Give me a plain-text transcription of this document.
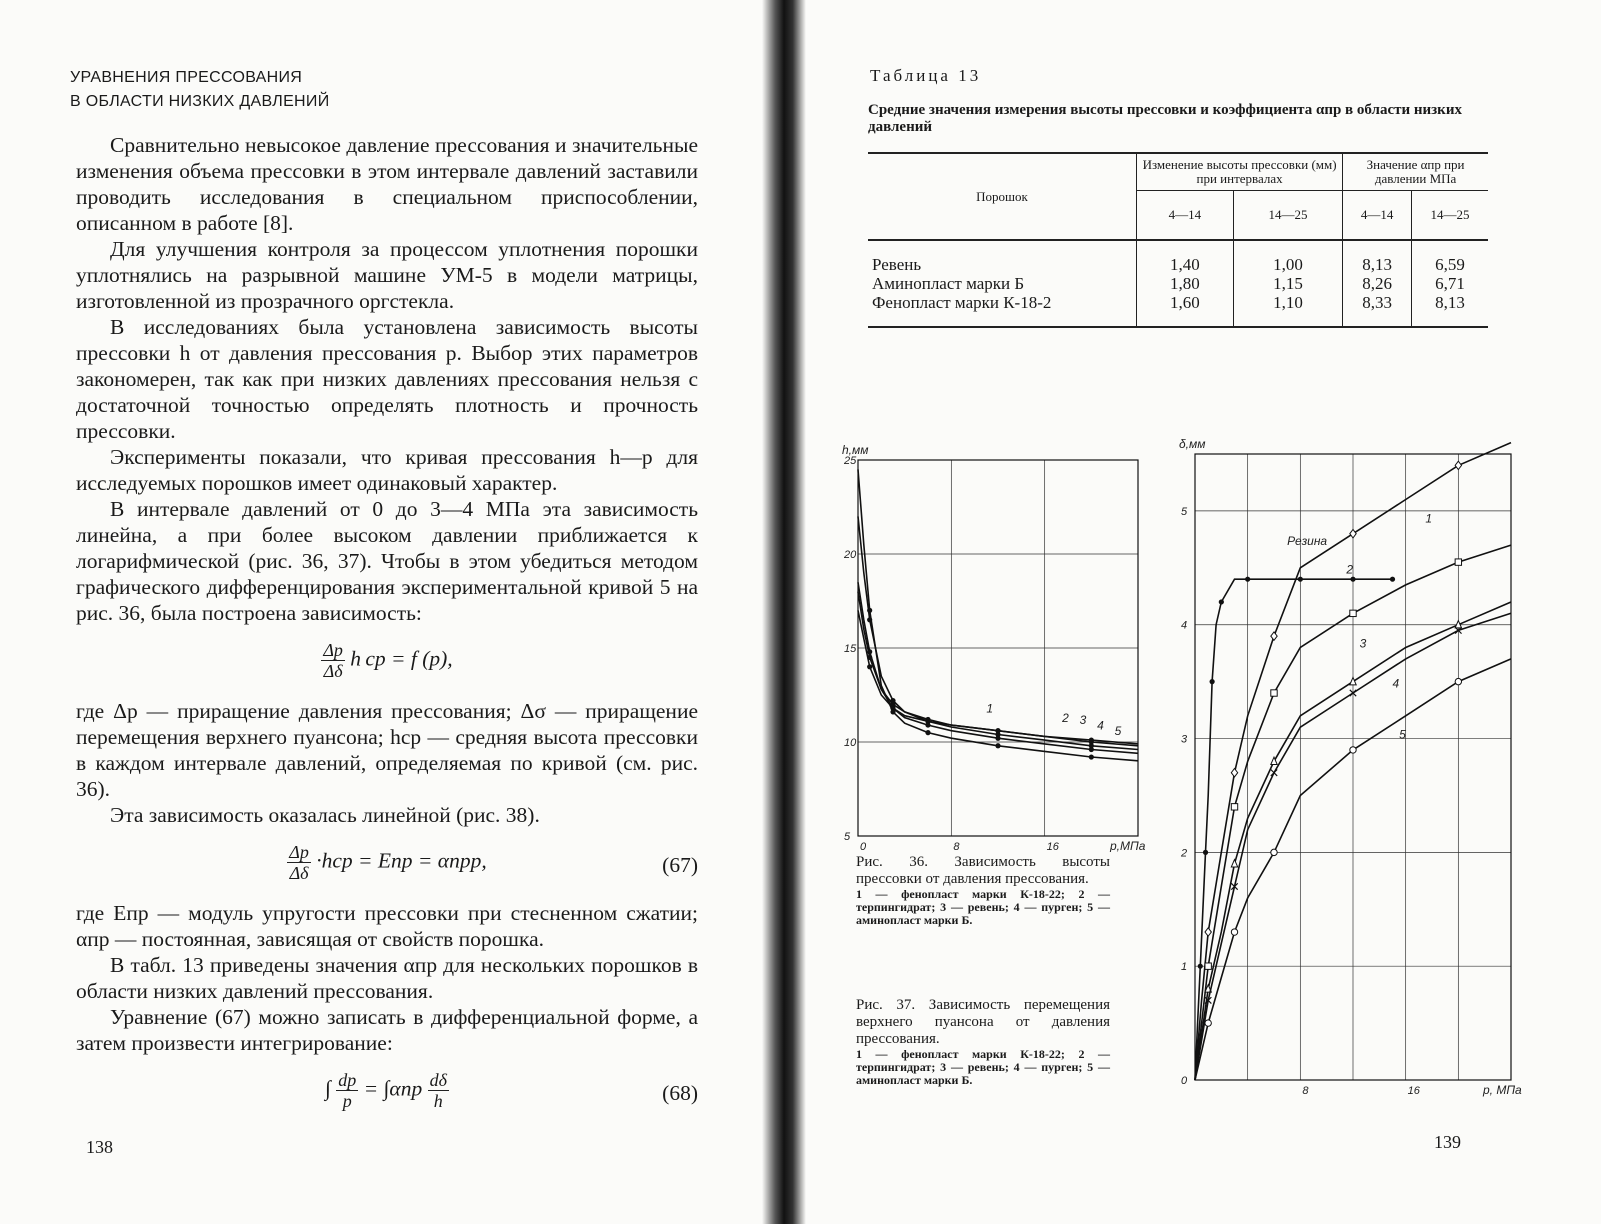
УРАВНЕНИЯ ПРЕССОВАНИЯ
В ОБЛАСТИ НИЗКИХ ДАВЛЕНИЙ

Сравнительно невысокое давление прессования и значительные изменения объема прессовки в этом интервале давлений заставили проводить исследования в специальном приспособлении, описанном в работе [8].

Для улучшения контроля за процессом уплотнения порошки уплотнялись на разрывной машине УМ-5 в модели матрицы, изготовленной из прозрачного оргстекла.

В исследованиях была установлена зависимость высоты прессовки h от давления прессования p. Выбор этих параметров закономерен, так как при низких давлениях прессования нельзя с достаточной точностью определять плотность и прочность прессовки.

Эксперименты показали, что кривая прессования h—p для исследуемых порошков имеет одинаковый характер.

В интервале давлений от 0 до 3—4 МПа эта зависимость линейна, а при более высоком давлении приближается к логарифмической (рис. 36, 37). Чтобы в этом убедиться методом графического дифференцирования экспериментальной кривой 5 на рис. 36, была построена зависимость:

$\frac{\Delta p}{\Delta\delta}$ h ср = f (p),

где Δp — приращение давления прессования; Δσ — приращение перемещения верхнего пуансона; hср — средняя высота прессовки в каждом интервале давлений, определяемая по кривой (см. рис. 36).

Эта зависимость оказалась линейной (рис. 38).

$\frac{\Delta p}{\Delta\delta} \cdot hср$ = Eпр = αпрp,	(67)

где Eпр — модуль упругости прессовки при стесненном сжатии; αпр — постоянная, зависящая от свойств порошка.

В табл. 13 приведены значения αпр для нескольких порошков в области низких давлений прессования.

Уравнение (67) можно записать в дифференциальной форме, а затем произвести интегрирование:

∫ $\frac{dp}{p} = \int\alpha пр \frac{d\delta}{h}$	(68)
138
Таблица 13
Средние значения измерения высоты прессовки и коэффициента αпр в области низких давлений
Порошок	Изменение высоты прессовки (мм) при интервалах		Значение αпр при давлении МПа	
	4—14	14—25	4—14	14—25
Ревень	1,40	1,00	8,13	6,59
Аминопласт марки Б	1,80	1,15	8,26	6,71
Фенопласт марки К-18-2	1,60	1,10	8,33	8,13
0	8	16
5
10
15
20
25
p,МПа
h,мм
1
2 3 4 5
8	16
0
1
2
3
4
5
p, МПа
δ,мм
Резина
1
2
3
4
5
Рис. 36. Зависимость высоты прессовки от давления прессования.
1 — фенопласт марки К-18-22; 2 — терпингидрат; 3 — ревень; 4 — пурген; 5 — аминопласт марки Б.
Рис. 37. Зависимость перемещения верхнего пуансона от давления прессования.
1 — фенопласт марки К-18-22; 2 — терпингидрат; 3 — ревень; 4 — пурген; 5 — аминопласт марки Б.
139
